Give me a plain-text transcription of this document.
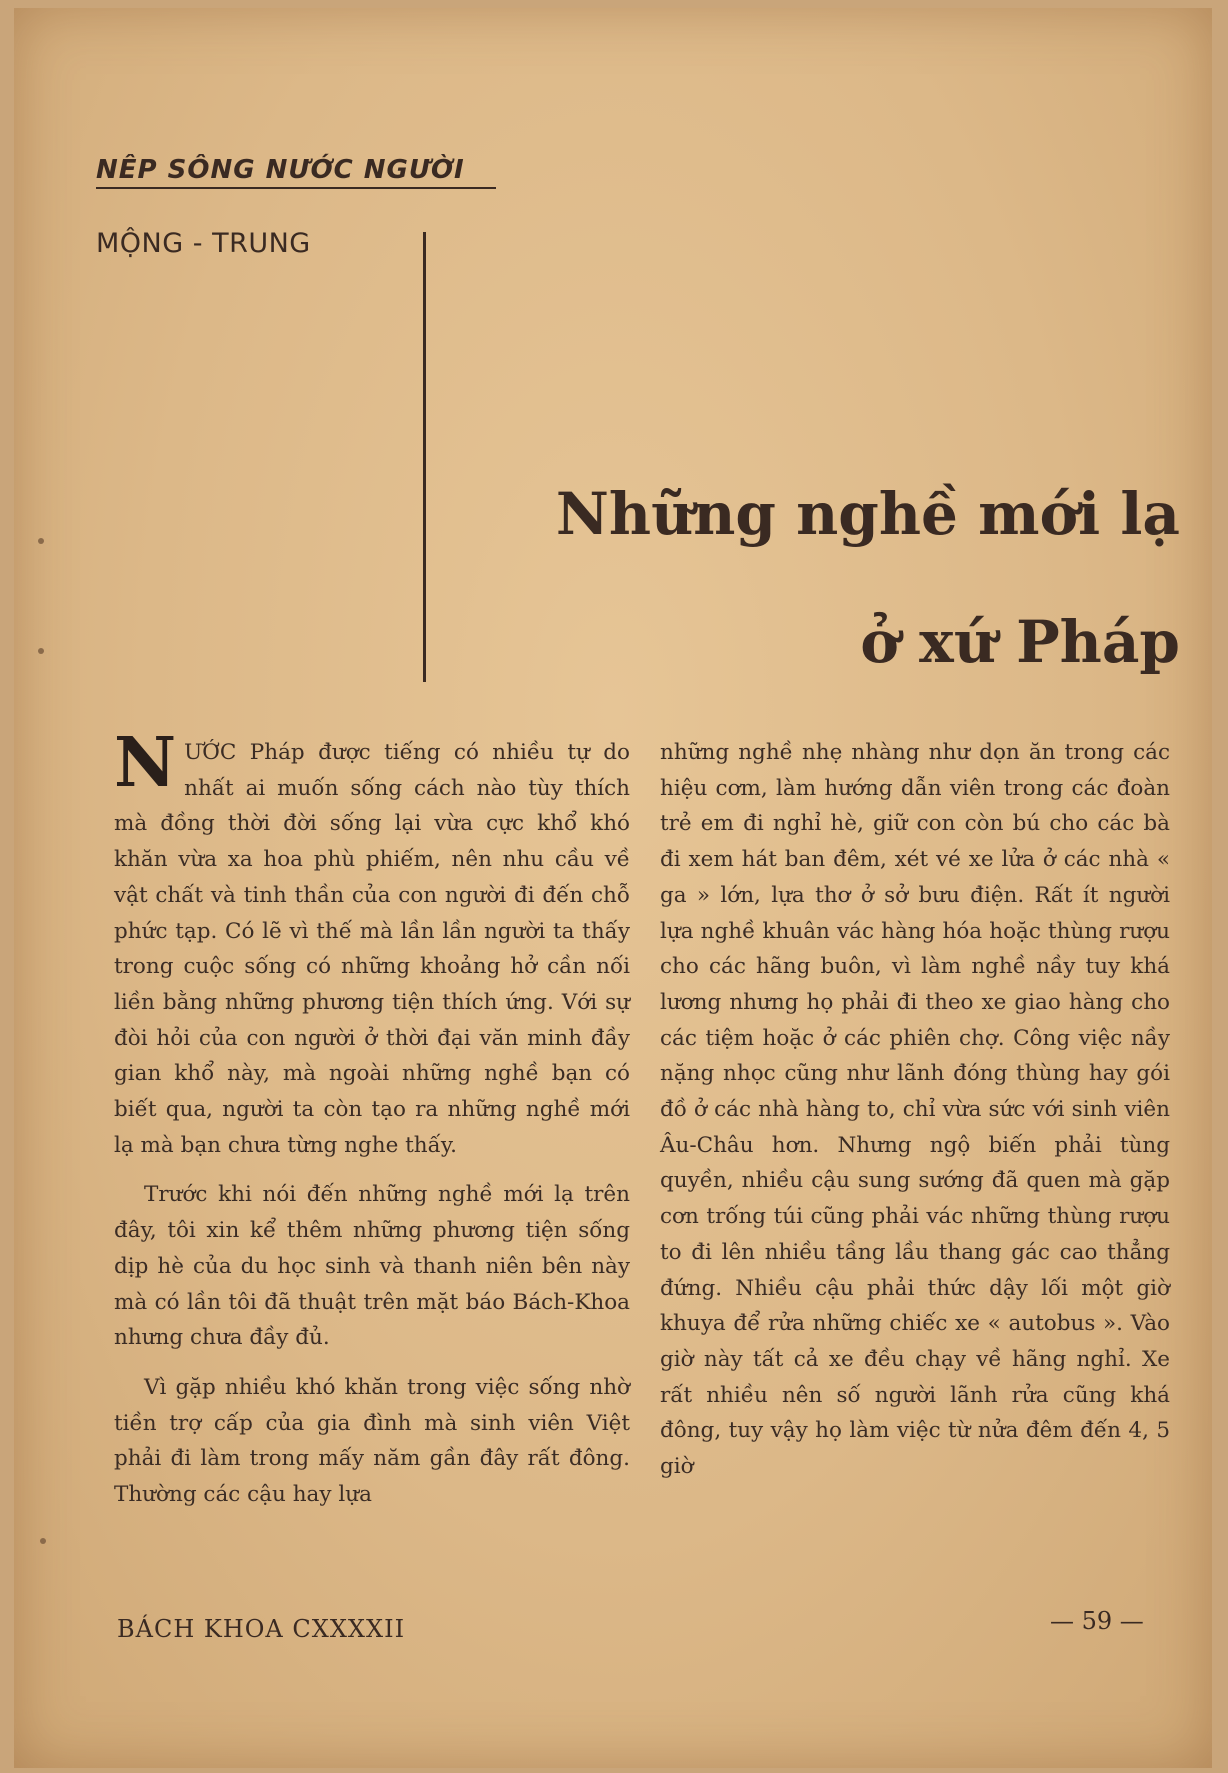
NÊP SÔNG NƯỚC NGƯỜI
MỘNG - TRUNG
Những nghề mới lạ
ở xứ Pháp

NƯỚC Pháp được tiếng có nhiều tự do nhất ai muốn sống cách nào tùy thích mà đồng thời đời sống lại vừa cực khổ khó khăn vừa xa hoa phù phiếm, nên nhu cầu về vật chất và tinh thần của con người đi đến chỗ phức tạp. Có lẽ vì thế mà lần lần người ta thấy trong cuộc sống có những khoảng hở cần nối liền bằng những phương tiện thích ứng. Với sự đòi hỏi của con người ở thời đại văn minh đầy gian khổ này, mà ngoài những nghề bạn có biết qua, người ta còn tạo ra những nghề mới lạ mà bạn chưa từng nghe thấy.

Trước khi nói đến những nghề mới lạ trên đây, tôi xin kể thêm những phương tiện sống dịp hè của du học sinh và thanh niên bên này mà có lần tôi đã thuật trên mặt báo Bách-Khoa nhưng chưa đầy đủ.

Vì gặp nhiều khó khăn trong việc sống nhờ tiền trợ cấp của gia đình mà sinh viên Việt phải đi làm trong mấy năm gần đây rất đông. Thường các cậu hay lựa

những nghề nhẹ nhàng như dọn ăn trong các hiệu cơm, làm hướng dẫn viên trong các đoàn trẻ em đi nghỉ hè, giữ con còn bú cho các bà đi xem hát ban đêm, xét vé xe lửa ở các nhà « ga » lớn, lựa thơ ở sở bưu điện. Rất ít người lựa nghề khuân vác hàng hóa hoặc thùng rượu cho các hãng buôn, vì làm nghề nầy tuy khá lương nhưng họ phải đi theo xe giao hàng cho các tiệm hoặc ở các phiên chợ. Công việc nầy nặng nhọc cũng như lãnh đóng thùng hay gói đồ ở các nhà hàng to, chỉ vừa sức với sinh viên Âu-Châu hơn. Nhưng ngộ biến phải tùng quyền, nhiều cậu sung sướng đã quen mà gặp cơn trống túi cũng phải vác những thùng rượu to đi lên nhiều tầng lầu thang gác cao thẳng đứng. Nhiều cậu phải thức dậy lối một giờ khuya để rửa những chiếc xe « autobus ». Vào giờ này tất cả xe đều chạy về hãng nghỉ. Xe rất nhiều nên số người lãnh rửa cũng khá đông, tuy vậy họ làm việc từ nửa đêm đến 4, 5 giờ

BÁCH KHOA CXXXXII	— 59 —
